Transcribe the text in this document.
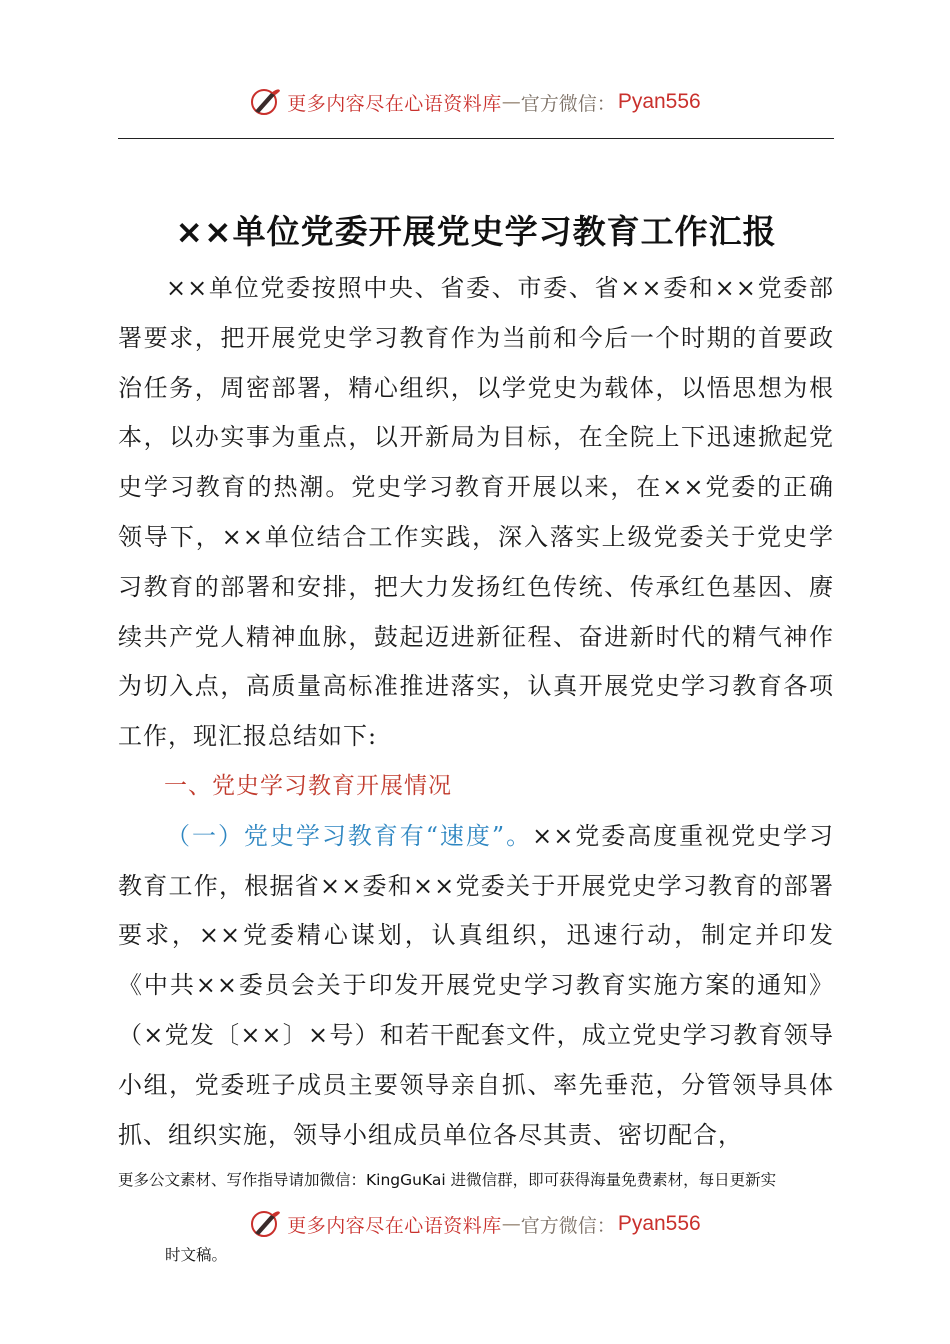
更多内容尽在心语资料库 — 官方微信： Pyan556
××单位党委开展党史学习教育工作汇报

××单位党委按照中央、省委、市委、省××委和××党委部署要求，把开展党史学习教育作为当前和今后一个时期的首要政治任务，周密部署，精心组织，以学党史为载体，以悟思想为根本，以办实事为重点，以开新局为目标，在全院上下迅速掀起党史学习教育的热潮。党史学习教育开展以来，在××党委的正确领导下，××单位结合工作实践，深入落实上级党委关于党史学习教育的部署和安排，把大力发扬红色传统、传承红色基因、赓续共产党人精神血脉，鼓起迈进新征程、奋进新时代的精气神作为切入点，高质量高标准推进落实，认真开展党史学习教育各项工作，现汇报总结如下:

一、党史学习教育开展情况

（一）党史学习教育有“速度”。××党委高度重视党史学习教育工作，根据省××委和××党委关于开展党史学习教育的部署要求，××党委精心谋划，认真组织，迅速行动，制定并印发《中共××委员会关于印发开展党史学习教育实施方案的通知》（×党发〔××〕×号）和若干配套文件，成立党史学习教育领导小组，党委班子成员主要领导亲自抓、率先垂范，分管领导具体抓、组织实施，领导小组成员单位各尽其责、密切配合，

更多公文素材、写作指导请加微信：KingGuKai 进微信群，即可获得海量免费素材，每日更新实
更多内容尽在心语资料库 — 官方微信： Pyan556
时文稿。
